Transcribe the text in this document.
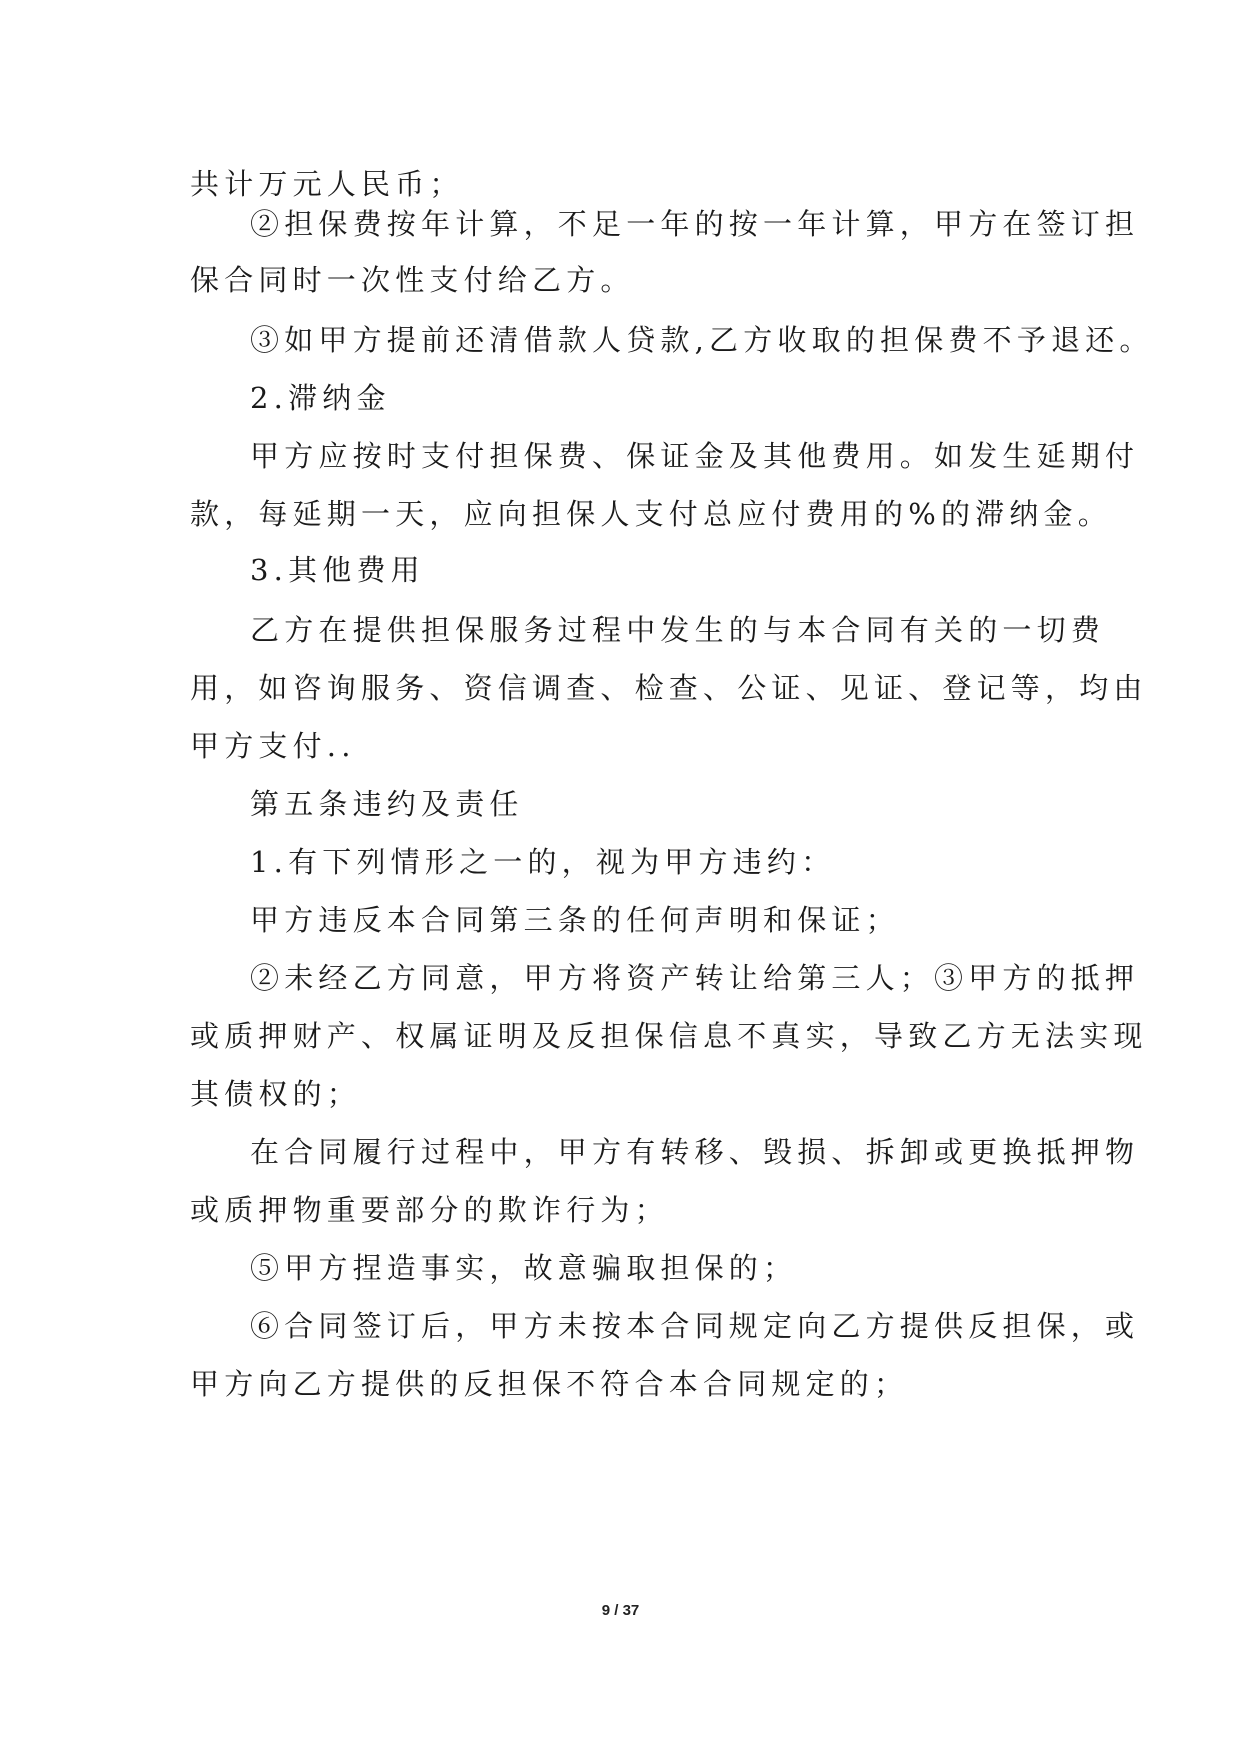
共计万元人民币；
②担保费按年计算，不足一年的按一年计算，甲方在签订担
保合同时一次性支付给乙方。
③如甲方提前还清借款人贷款,乙方收取的担保费不予退还。
2.滞纳金
甲方应按时支付担保费、保证金及其他费用。如发生延期付
款，每延期一天，应向担保人支付总应付费用的%的滞纳金。
3.其他费用
乙方在提供担保服务过程中发生的与本合同有关的一切费
用，如咨询服务、资信调查、检查、公证、见证、登记等，均由
甲方支付..
第五条违约及责任
1.有下列情形之一的，视为甲方违约：
甲方违反本合同第三条的任何声明和保证；
②未经乙方同意，甲方将资产转让给第三人；③甲方的抵押
或质押财产、权属证明及反担保信息不真实，导致乙方无法实现
其债权的；
在合同履行过程中，甲方有转移、毁损、拆卸或更换抵押物
或质押物重要部分的欺诈行为；
⑤甲方捏造事实，故意骗取担保的；
⑥合同签订后，甲方未按本合同规定向乙方提供反担保，或
甲方向乙方提供的反担保不符合本合同规定的；
9 / 37
